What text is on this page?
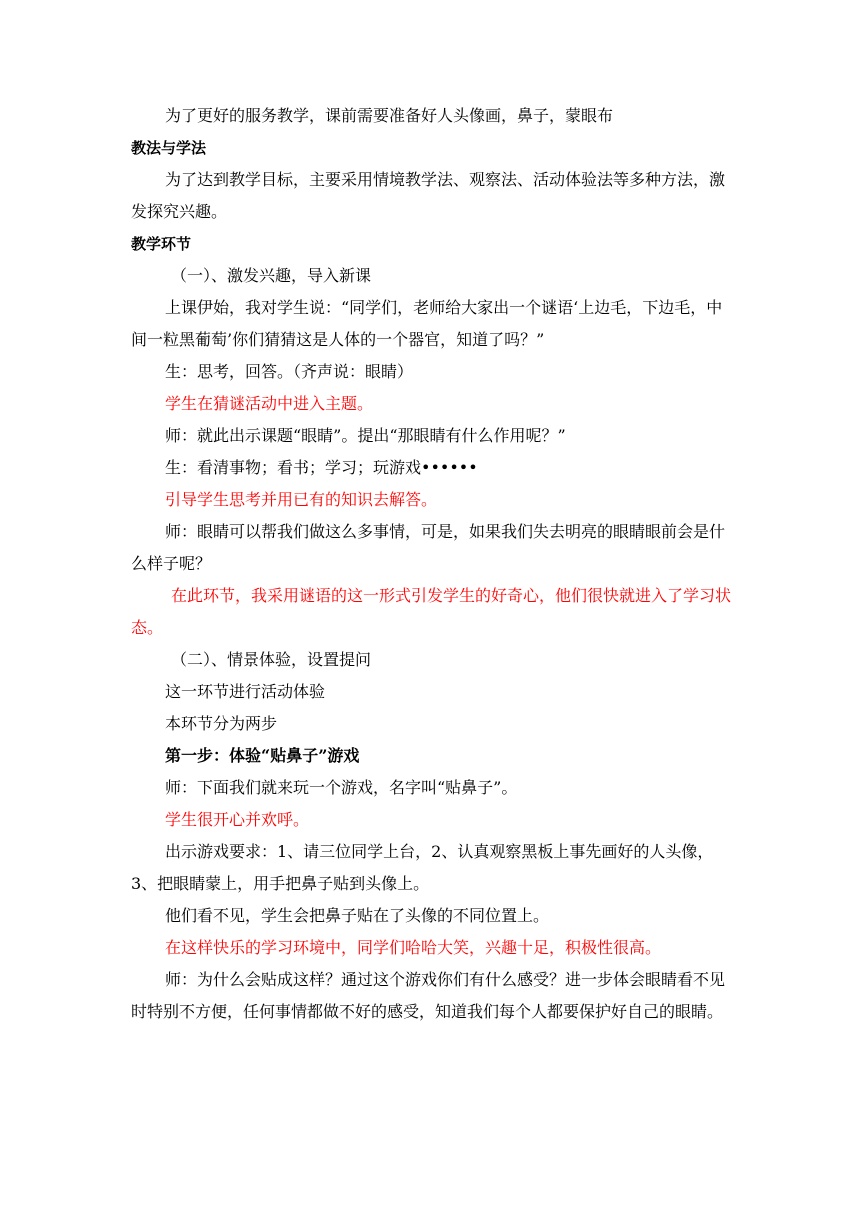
为了更好的服务教学，课前需要准备好人头像画，鼻子，蒙眼布

教法与学法

为了达到教学目标，主要采用情境教学法、观察法、活动体验法等多种方法，激发探究兴趣。

教学环节

（一）、激发兴趣，导入新课

上课伊始，我对学生说：“同学们，老师给大家出一个谜语‘上边毛，下边毛，中间一粒黑葡萄’你们猜猜这是人体的一个器官，知道了吗？”

生：思考，回答。（齐声说：眼睛）

学生在猜谜活动中进入主题。

师：就此出示课题“眼睛”。提出“那眼睛有什么作用呢？”

生：看清事物；看书；学习；玩游戏••••••

引导学生思考并用已有的知识去解答。

师：眼睛可以帮我们做这么多事情，可是，如果我们失去明亮的眼睛眼前会是什么样子呢？

在此环节，我采用谜语的这一形式引发学生的好奇心，他们很快就进入了学习状态。

（二）、情景体验，设置提问

这一环节进行活动体验

本环节分为两步

第一步：体验“贴鼻子”游戏

师：下面我们就来玩一个游戏，名字叫“贴鼻子”。

学生很开心并欢呼。

出示游戏要求：1、请三位同学上台，2、认真观察黑板上事先画好的人头像，3、把眼睛蒙上，用手把鼻子贴到头像上。

他们看不见，学生会把鼻子贴在了头像的不同位置上。

在这样快乐的学习环境中，同学们哈哈大笑，兴趣十足，积极性很高。

师：为什么会贴成这样？通过这个游戏你们有什么感受？进一步体会眼睛看不见时特别不方便，任何事情都做不好的感受，知道我们每个人都要保护好自己的眼睛。
